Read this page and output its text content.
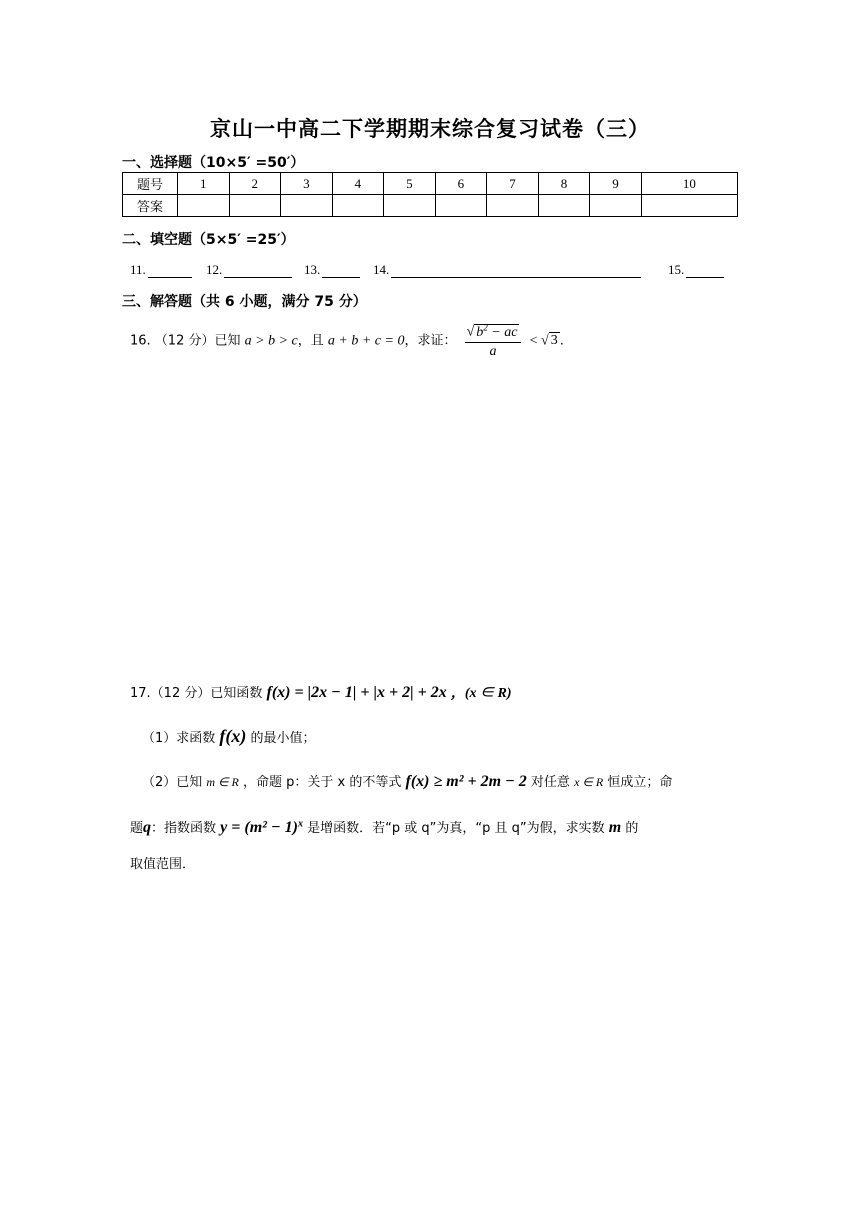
京山一中高二下学期期末综合复习试卷（三）
一、选择题（10×5′ =50′）
题号	1	2	3	4	5	6	7	8	9	10
答案										
二、填空题（5×5′ =25′）
11.	12.	13.	14.	15.
三、解答题（共 6 小题，满分 75 分）
16. （12 分）已知 a > b > c，且 a + b + c = 0，求证： $\frac{√ b^2 - ac}{a}$ < √ 3 .
17.（12 分）已知函数 f(x) = |2x − 1| + |x + 2| + 2x ，(x ∈ R)
（1）求函数 f(x) 的最小值；
（2）已知 m ∈ R ，命题 p：关于 x 的不等式 f(x) ≥ m² + 2m − 2 对任意 x ∈ R 恒成立；命
题q：指数函数 $y = (m^2 - 1)^x$ 是增函数．若“p 或 q”为真，“p 且 q”为假，求实数 m 的
取值范围．
